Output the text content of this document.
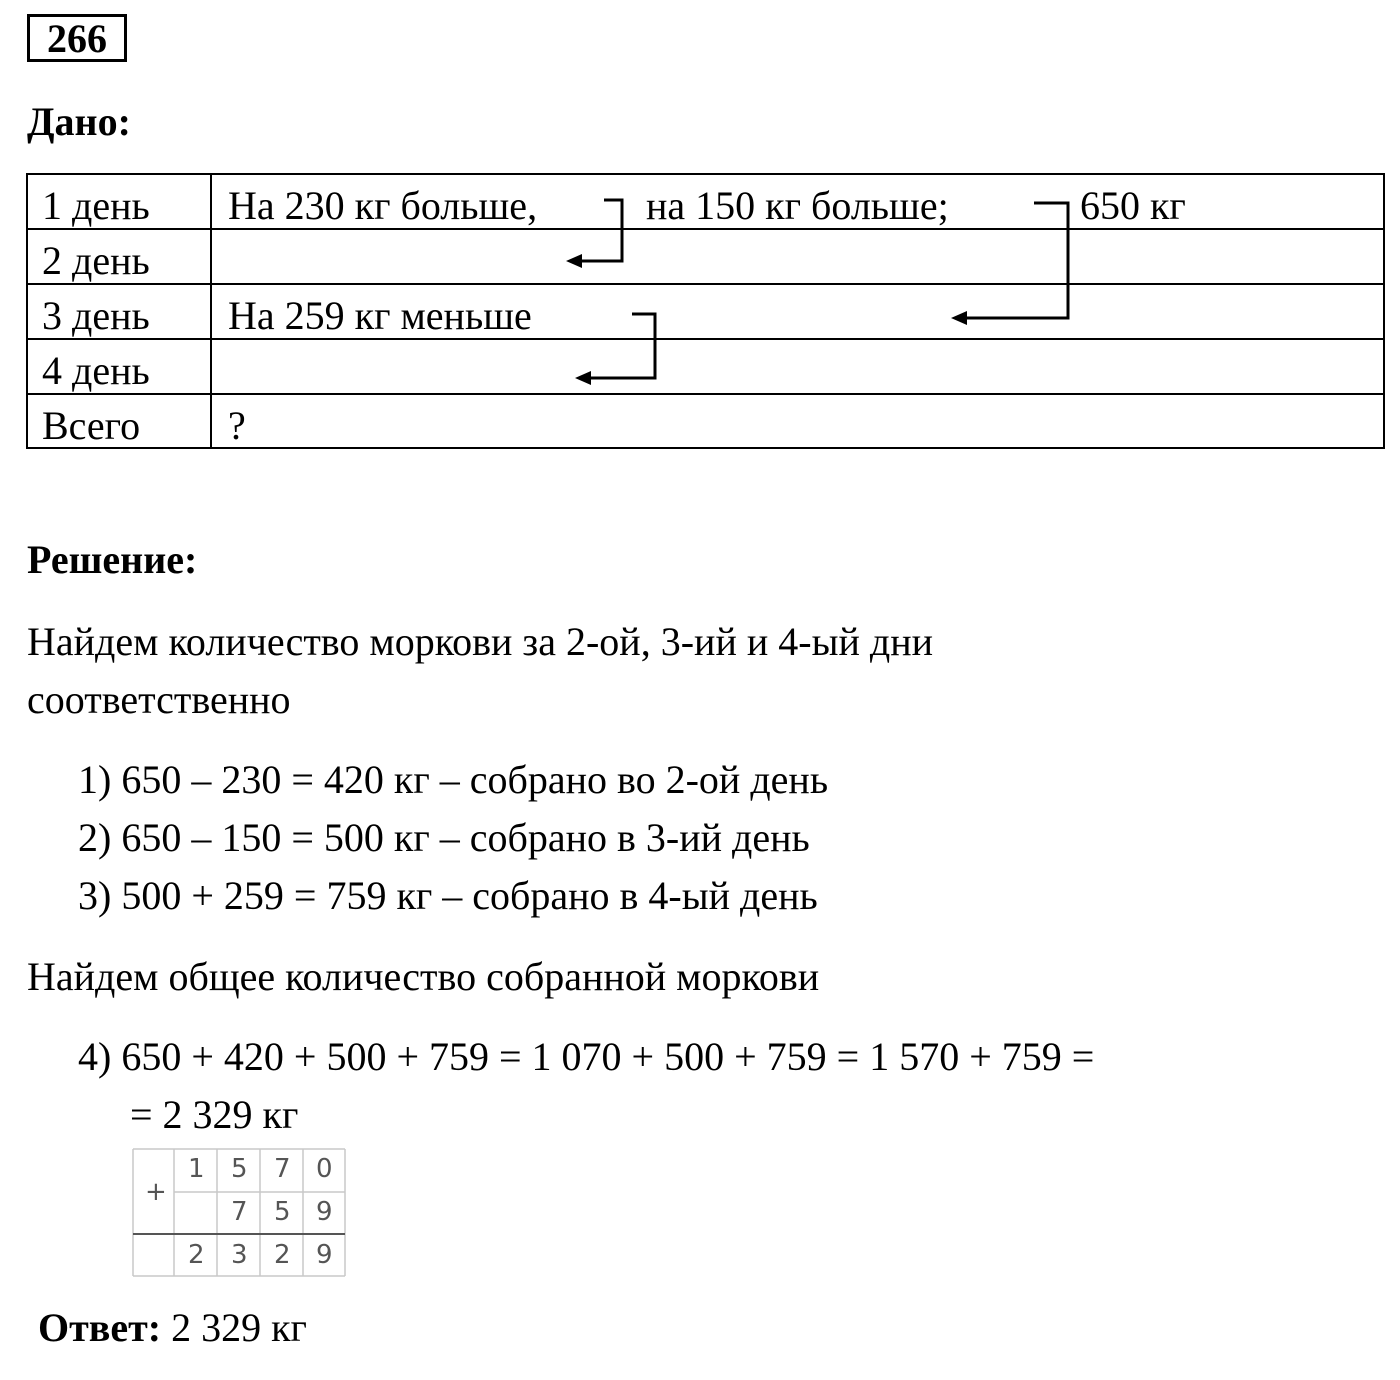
266
Дано:
1 день
2 день
3 день
4 день
Всего
На 230 кг больше,	на 150 кг больше;	650 кг
На 259 кг меньше
?
Решение:
Найдем количество моркови за 2-ой, 3-ий и 4-ый дни
соответственно
1) 650 – 230 = 420 кг – собрано во 2-ой день
2) 650 – 150 = 500 кг – собрано в 3-ий день
3) 500 + 259 = 759 кг – собрано в 4-ый день
Найдем общее количество собранной моркови
4) 650 + 420 + 500 + 759 = 1 070 + 500 + 759 = 1 570 + 759 =
= 2 329 кг
+
1 5 7 0
7 5 9
2 3 2 9
Ответ: 2 329 кг
